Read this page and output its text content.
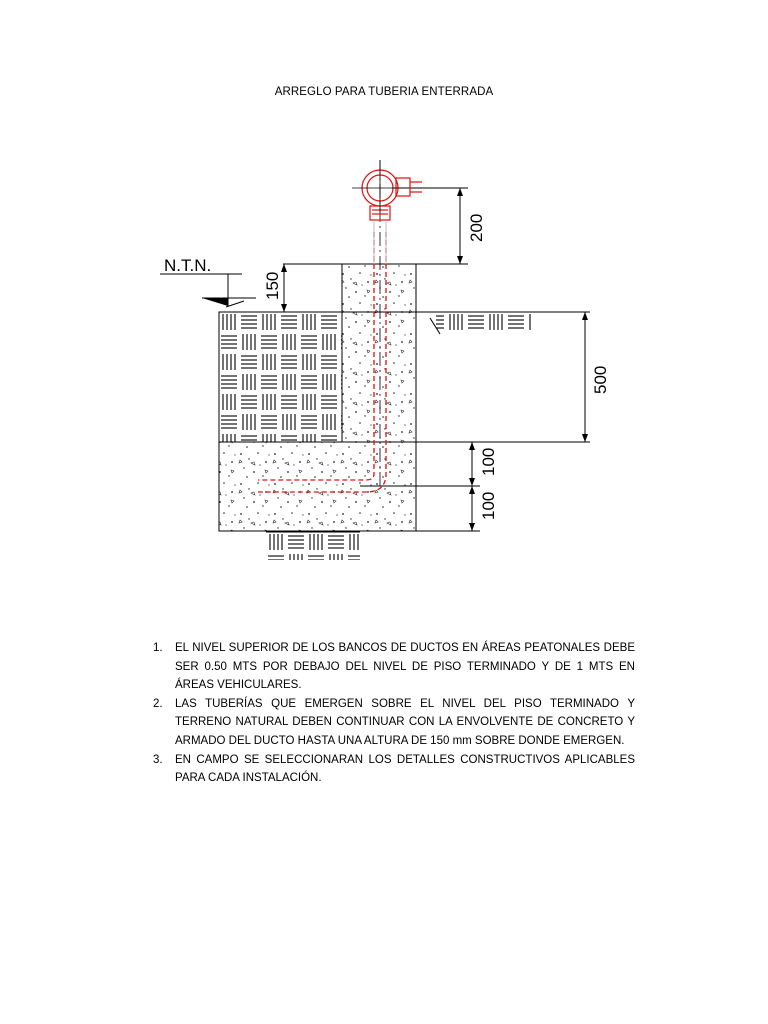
ARREGLO PARA TUBERIA ENTERRADA
N.T.N.
150
200
500
100
100
1. EL NIVEL SUPERIOR DE LOS BANCOS DE DUCTOS EN ÁREAS PEATONALES DEBE SER 0.50 MTS POR DEBAJO DEL NIVEL DE PISO TERMINADO Y DE 1 MTS EN ÁREAS VEHICULARES.
2. LAS TUBERÍAS QUE EMERGEN SOBRE EL NIVEL DEL PISO TERMINADO Y TERRENO NATURAL DEBEN CONTINUAR CON LA ENVOLVENTE DE CONCRETO Y ARMADO DEL DUCTO HASTA UNA ALTURA DE 150 mm SOBRE DONDE EMERGEN.
3. EN CAMPO SE SELECCIONARAN LOS DETALLES CONSTRUCTIVOS APLICABLES PARA CADA INSTALACIÓN.
